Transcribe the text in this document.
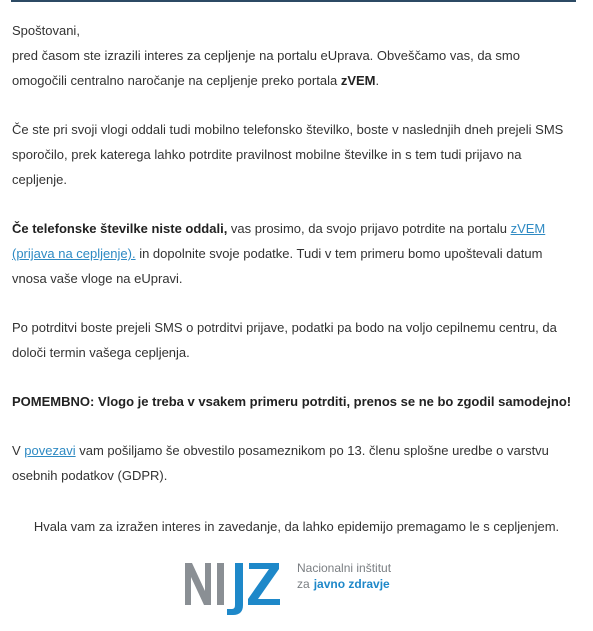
Spoštovani,
pred časom ste izrazili interes za cepljenje na portalu eUprava. Obveščamo vas, da smo omogočili centralno naročanje na cepljenje preko portala zVEM.

Če ste pri svoji vlogi oddali tudi mobilno telefonsko številko, boste v naslednjih dneh prejeli SMS sporočilo, prek katerega lahko potrdite pravilnost mobilne številke in s tem tudi prijavo na cepljenje.

Če telefonske številke niste oddali, vas prosimo, da svojo prijavo potrdite na portalu zVEM (prijava na cepljenje). in dopolnite svoje podatke. Tudi v tem primeru bomo upoštevali datum vnosa vaše vloge na eUpravi.

Po potrditvi boste prejeli SMS o potrditvi prijave, podatki pa bodo na voljo cepilnemu centru, da določi termin vašega cepljenja.

POMEMBNO: Vlogo je treba v vsakem primeru potrditi, prenos se ne bo zgodil samodejno!

V povezavi vam pošiljamo še obvestilo posameznikom po 13. členu splošne uredbe o varstvu osebnih podatkov (GDPR).

Hvala vam za izražen interes in zavedanje, da lahko epidemijo premagamo le s cepljenjem.
Nacionalni inštitut
za javno zdravje
